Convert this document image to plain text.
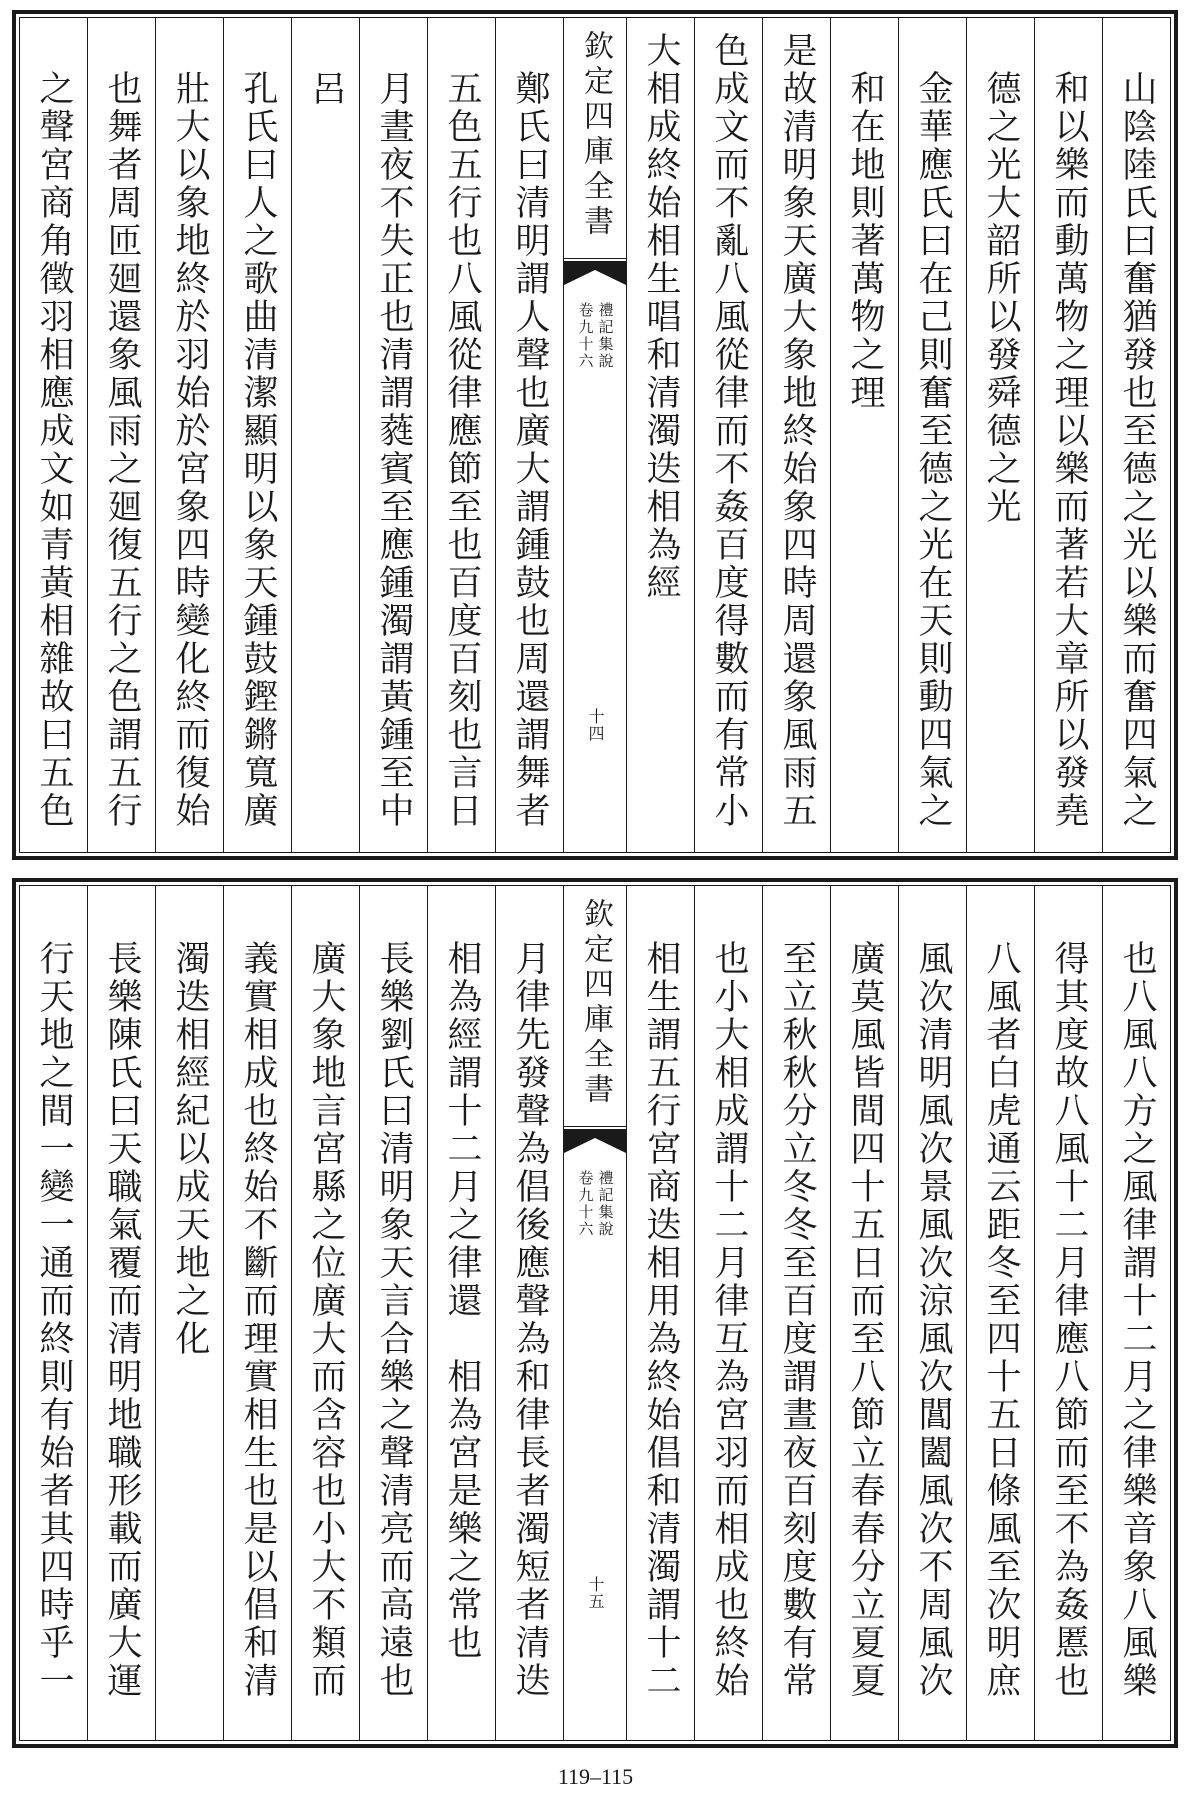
山陰陸氏曰奮猶發也至德之光以樂而奮四氣之
和以樂而動萬物之理以樂而著若大章所以發堯
德之光大韶所以發舜德之光
金華應氏曰在己則奮至德之光在天則動四氣之
和在地則著萬物之理
是故清明象天廣大象地終始象四時周還象風雨五
色成文而不亂八風從律而不姦百度得數而有常小
大相成終始相生唱和清濁迭相為經
欽定四庫全書
禮記集說
卷九十六
十四
鄭氏曰清明謂人聲也廣大謂鍾鼓也周還謂舞者
五色五行也八風從律應節至也百度百刻也言日
月晝夜不失正也清謂蕤賓至應鍾濁謂黃鍾至中
呂
孔氏曰人之歌曲清潔顯明以象天鍾鼓鏗鏘寬廣
壯大以象地終於羽始於宮象四時變化終而復始
也舞者周匝廻還象風雨之廻復五行之色謂五行
之聲宮商角徵羽相應成文如青黃相雜故曰五色
也八風八方之風律謂十二月之律樂音象八風樂
得其度故八風十二月律應八節而至不為姦慝也
八風者白虎通云距冬至四十五日條風至次明庶
風次清明風次景風次涼風次閶闔風次不周風次
廣莫風皆間四十五日而至八節立春春分立夏夏
至立秋秋分立冬冬至百度謂晝夜百刻度數有常
也小大相成謂十二月律互為宮羽而相成也終始
相生謂五行宮商迭相用為終始倡和清濁謂十二
欽定四庫全書
禮記集說
卷九十六
十五
月律先發聲為倡後應聲為和律長者濁短者清迭
相為經謂十二月之律還　相為宮是樂之常也
長樂劉氏曰清明象天言合樂之聲清亮而高遠也
廣大象地言宮縣之位廣大而含容也小大不類而
義實相成也終始不斷而理實相生也是以倡和清
濁迭相經紀以成天地之化
長樂陳氏曰天職氣覆而清明地職形載而廣大運
行天地之間一變一通而終則有始者其四時乎一
119–115
